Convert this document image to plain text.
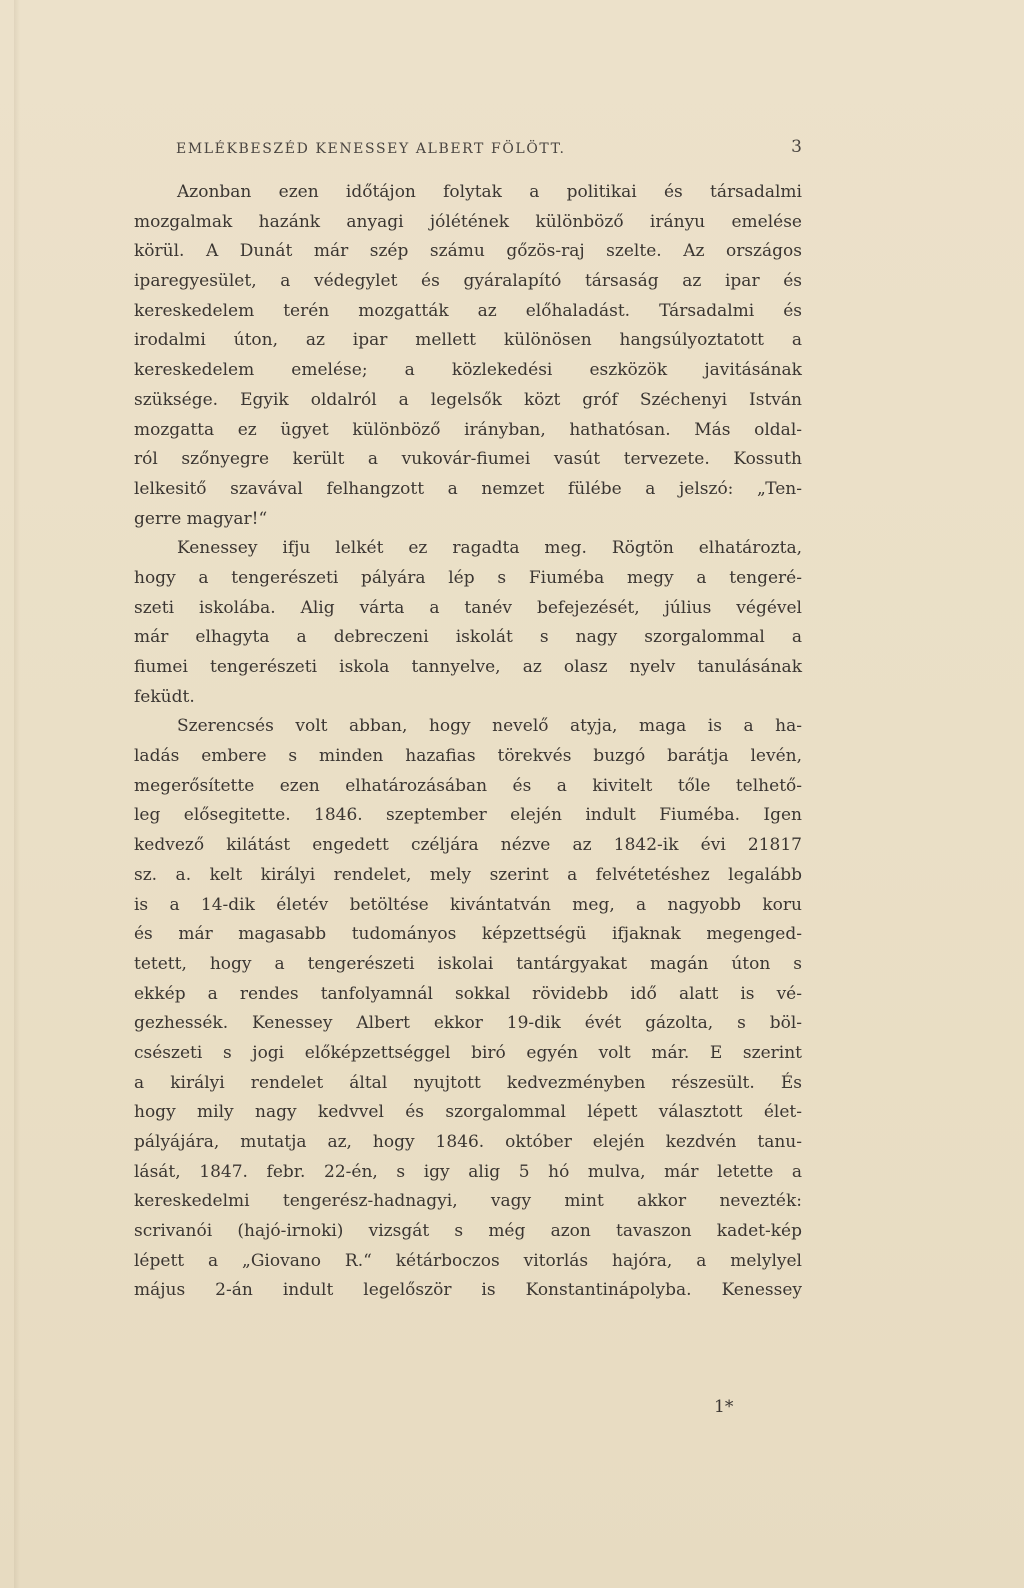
EMLÉKBESZÉD KENESSEY ALBERT FÖLÖTT.	3
Azonban ezen időtájon folytak a politikai és társadalmi
mozgalmak hazánk anyagi jólétének különböző irányu emelése
körül. A Dunát már szép számu gőzös-raj szelte. Az országos
iparegyesület, a védegylet és gyáralapító társaság az ipar és
kereskedelem terén mozgatták az előhaladást. Társadalmi és
irodalmi úton, az ipar mellett különösen hangsúlyoztatott a
kereskedelem emelése; a közlekedési eszközök javitásának
szüksége. Egyik oldalról a legelsők közt gróf Széchenyi István
mozgatta ez ügyet különböző irányban, hathatósan. Más oldal-
ról szőnyegre került a vukovár-fiumei vasút tervezete. Kossuth
lelkesitő szavával felhangzott a nemzet fülébe a jelszó: „Ten-
gerre magyar!“
Kenessey ifju lelkét ez ragadta meg. Rögtön elhatározta,
hogy a tengerészeti pályára lép s Fiuméba megy a tengeré-
szeti iskolába. Alig várta a tanév befejezését, július végével
már elhagyta a debreczeni iskolát s nagy szorgalommal a
fiumei tengerészeti iskola tannyelve, az olasz nyelv tanulásának
feküdt.
Szerencsés volt abban, hogy nevelő atyja, maga is a ha-
ladás embere s minden hazafias törekvés buzgó barátja levén,
megerősítette ezen elhatározásában és a kivitelt tőle telhető-
leg elősegitette. 1846. szeptember elején indult Fiuméba. Igen
kedvező kilátást engedett czéljára nézve az 1842-ik évi 21817
sz. a. kelt királyi rendelet, mely szerint a felvétetéshez legalább
is a 14-dik életév betöltése kivántatván meg, a nagyobb koru
és már magasabb tudományos képzettségü ifjaknak megenged-
tetett, hogy a tengerészeti iskolai tantárgyakat magán úton s
ekkép a rendes tanfolyamnál sokkal rövidebb idő alatt is vé-
gezhessék. Kenessey Albert ekkor 19-dik évét gázolta, s böl-
csészeti s jogi előképzettséggel biró egyén volt már. E szerint
a királyi rendelet által nyujtott kedvezményben részesült. És
hogy mily nagy kedvvel és szorgalommal lépett választott élet-
pályájára, mutatja az, hogy 1846. október elején kezdvén tanu-
lását, 1847. febr. 22-én, s igy alig 5 hó mulva, már letette a
kereskedelmi tengerész-hadnagyi, vagy mint akkor nevezték:
scrivanói (hajó-irnoki) vizsgát s még azon tavaszon kadet-kép
lépett a „Giovano R.“ kétárboczos vitorlás hajóra, a melylyel
május 2-án indult legelőször is Konstantinápolyba. Kenessey
1*
